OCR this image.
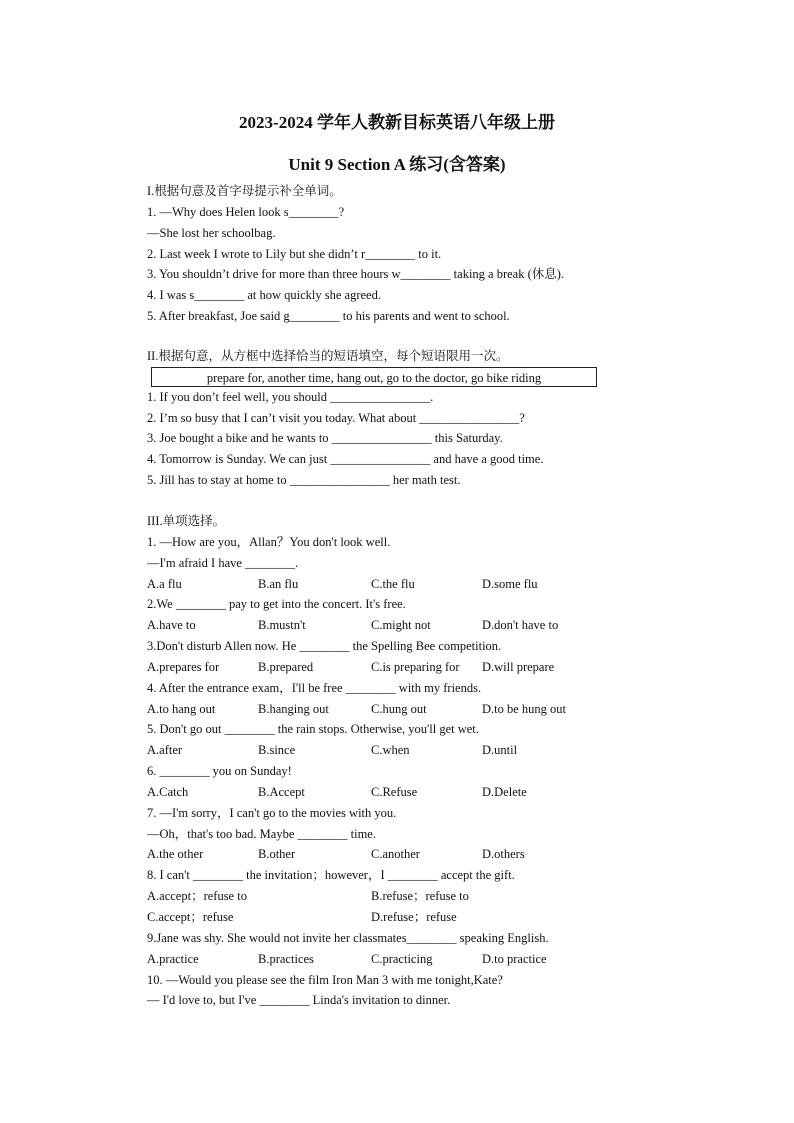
2023-2024 学年人教新目标英语八年级上册
Unit 9 Section A 练习(含答案)
I.根据句意及首字母提示补全单词。
1. —Why does Helen look s________?
—She lost her schoolbag.
2. Last week I wrote to Lily but she didn’t r________ to it.
3. You shouldn’t drive for more than three hours w________ taking a break (休息).
4. I was s________ at how quickly she agreed.
5. After breakfast, Joe said g________ to his parents and went to school.
II.根据句意，从方框中选择恰当的短语填空，每个短语限用一次。
prepare for, another time, hang out, go to the doctor, go bike riding
1. If you don’t feel well, you should ________________.
2. I’m so busy that I can’t visit you today. What about ________________?
3. Joe bought a bike and he wants to ________________ this Saturday.
4. Tomorrow is Sunday. We can just ________________ and have a good time.
5. Jill has to stay at home to ________________ her math test.
III.单项选择。
1. —How are you，Allan？You don't look well.
—I'm afraid I have ________.
A.a flu	B.an flu	C.the flu	D.some flu
2.We ________ pay to get into the concert. It's free.
A.have to	B.mustn't	C.might not	D.don't have to
3.Don't disturb Allen now. He ________ the Spelling Bee competition.
A.prepares for	B.prepared	C.is preparing for D.will prepare
4. After the entrance exam，I'll be free ________ with my friends.
A.to hang out	B.hanging out	C.hung out	D.to be hung out
5. Don't go out ________ the rain stops. Otherwise, you'll get wet.
A.after	B.since	C.when	D.until
6. ________ you on Sunday!
A.Catch	B.Accept	C.Refuse	D.Delete
7. —I'm sorry，I can't go to the movies with you.
—Oh，that's too bad. Maybe ________ time.
A.the other	B.other	C.another	D.others
8. I can't ________ the invitation；however，I ________ accept the gift.
A.accept；refuse to	B.refuse；refuse to
C.accept；refuse	D.refuse；refuse
9.Jane was shy. She would not invite her classmates________ speaking English.
A.practice	B.practices	C.practicing	D.to practice
10. —Would you please see the film Iron Man 3 with me tonight,Kate?
— I'd love to, but I've ________ Linda's invitation to dinner.
